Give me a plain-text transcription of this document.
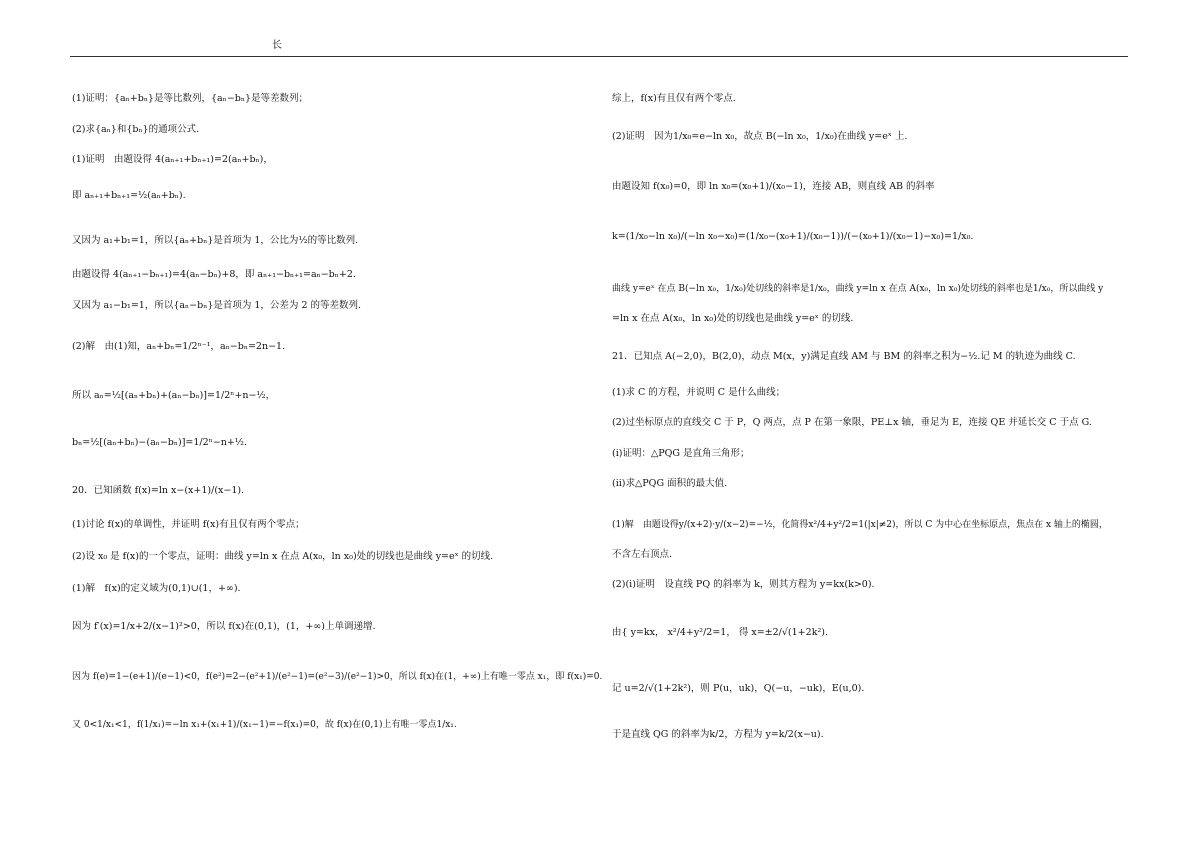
长
(1)证明：{aₙ+bₙ}是等比数列，{aₙ−bₙ}是等差数列；
(2)求{aₙ}和{bₙ}的通项公式.
(1)证明　由题设得 4(aₙ₊₁+bₙ₊₁)=2(aₙ+bₙ)，
即 aₙ₊₁+bₙ₊₁=½(aₙ+bₙ).
又因为 a₁+b₁=1，所以{aₙ+bₙ}是首项为 1，公比为½的等比数列.
由题设得 4(aₙ₊₁−bₙ₊₁)=4(aₙ−bₙ)+8，即 aₙ₊₁−bₙ₊₁=aₙ−bₙ+2.
又因为 a₁−b₁=1，所以{aₙ−bₙ}是首项为 1，公差为 2 的等差数列.
(2)解　由(1)知，aₙ+bₙ=1/2ⁿ⁻¹，aₙ−bₙ=2n−1.
所以 aₙ=½[(aₙ+bₙ)+(aₙ−bₙ)]=1/2ⁿ+n−½，
bₙ=½[(aₙ+bₙ)−(aₙ−bₙ)]=1/2ⁿ−n+½.
20．已知函数 f(x)=ln x−(x+1)/(x−1).
(1)讨论 f(x)的单调性，并证明 f(x)有且仅有两个零点；
(2)设 x₀ 是 f(x)的一个零点，证明：曲线 y=ln x 在点 A(x₀，ln x₀)处的切线也是曲线 y=eˣ 的切线.
(1)解　f(x)的定义域为(0,1)∪(1，+∞).
因为 f′(x)=1/x+2/(x−1)²>0，所以 f(x)在(0,1)，(1，+∞)上单调递增.
因为 f(e)=1−(e+1)/(e−1)<0，f(e²)=2−(e²+1)/(e²−1)=(e²−3)/(e²−1)>0，所以 f(x)在(1，+∞)上有唯一零点 x₁，即 f(x₁)=0.
又 0<1/x₁<1，f(1/x₁)=−ln x₁+(x₁+1)/(x₁−1)=−f(x₁)=0，故 f(x)在(0,1)上有唯一零点1/x₁.
综上，f(x)有且仅有两个零点.
(2)证明　因为1/x₀=e−ln x₀，故点 B(−ln x₀，1/x₀)在曲线 y=eˣ 上.
由题设知 f(x₀)=0，即 ln x₀=(x₀+1)/(x₀−1)，连接 AB，则直线 AB 的斜率
k=(1/x₀−ln x₀)/(−ln x₀−x₀)=(1/x₀−(x₀+1)/(x₀−1))/(−(x₀+1)/(x₀−1)−x₀)=1/x₀.
曲线 y=eˣ 在点 B(−ln x₀，1/x₀)处切线的斜率是1/x₀，曲线 y=ln x 在点 A(x₀，ln x₀)处切线的斜率也是1/x₀，所以曲线 y
=ln x 在点 A(x₀，ln x₀)处的切线也是曲线 y=eˣ 的切线.
21．已知点 A(−2,0)，B(2,0)，动点 M(x，y)满足直线 AM 与 BM 的斜率之积为−½.记 M 的轨迹为曲线 C.
(1)求 C 的方程，并说明 C 是什么曲线；
(2)过坐标原点的直线交 C 于 P，Q 两点，点 P 在第一象限，PE⊥x 轴，垂足为 E，连接 QE 并延长交 C 于点 G.
(ⅰ)证明：△PQG 是直角三角形；
(ⅱ)求△PQG 面积的最大值.
(1)解　由题设得y/(x+2)·y/(x−2)=−½，化简得x²/4+y²/2=1(|x|≠2)，所以 C 为中心在坐标原点，焦点在 x 轴上的椭圆，
不含左右顶点.
(2)(ⅰ)证明　设直线 PQ 的斜率为 k，则其方程为 y=kx(k>0).
由{ y=kx， x²/4+y²/2=1， 得 x=±2/√(1+2k²).
记 u=2/√(1+2k²)，则 P(u，uk)，Q(−u，−uk)，E(u,0).
于是直线 QG 的斜率为k/2，方程为 y=k/2(x−u).
